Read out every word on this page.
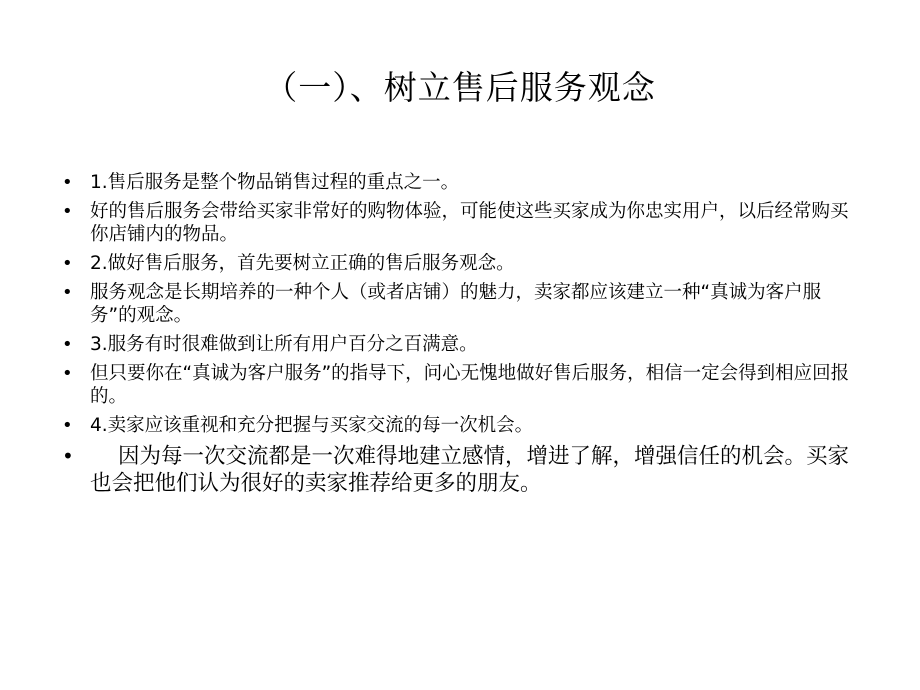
（一）、树立售后服务观念
• 1.售后服务是整个物品销售过程的重点之一。
• 好的售后服务会带给买家非常好的购物体验，可能使这些买家成为你忠实用户，以后经常购买你店铺内的物品。
• 2.做好售后服务，首先要树立正确的售后服务观念。
• 服务观念是长期培养的一种个人（或者店铺）的魅力，卖家都应该建立一种“真诚为客户服务”的观念。
• 3.服务有时很难做到让所有用户百分之百满意。
• 但只要你在“真诚为客户服务”的指导下，问心无愧地做好售后服务，相信一定会得到相应回报的。
• 4.卖家应该重视和充分把握与买家交流的每一次机会。
•	因为每一次交流都是一次难得地建立感情，增进了解，增强信任的机会。买家也会把他们认为很好的卖家推荐给更多的朋友。
